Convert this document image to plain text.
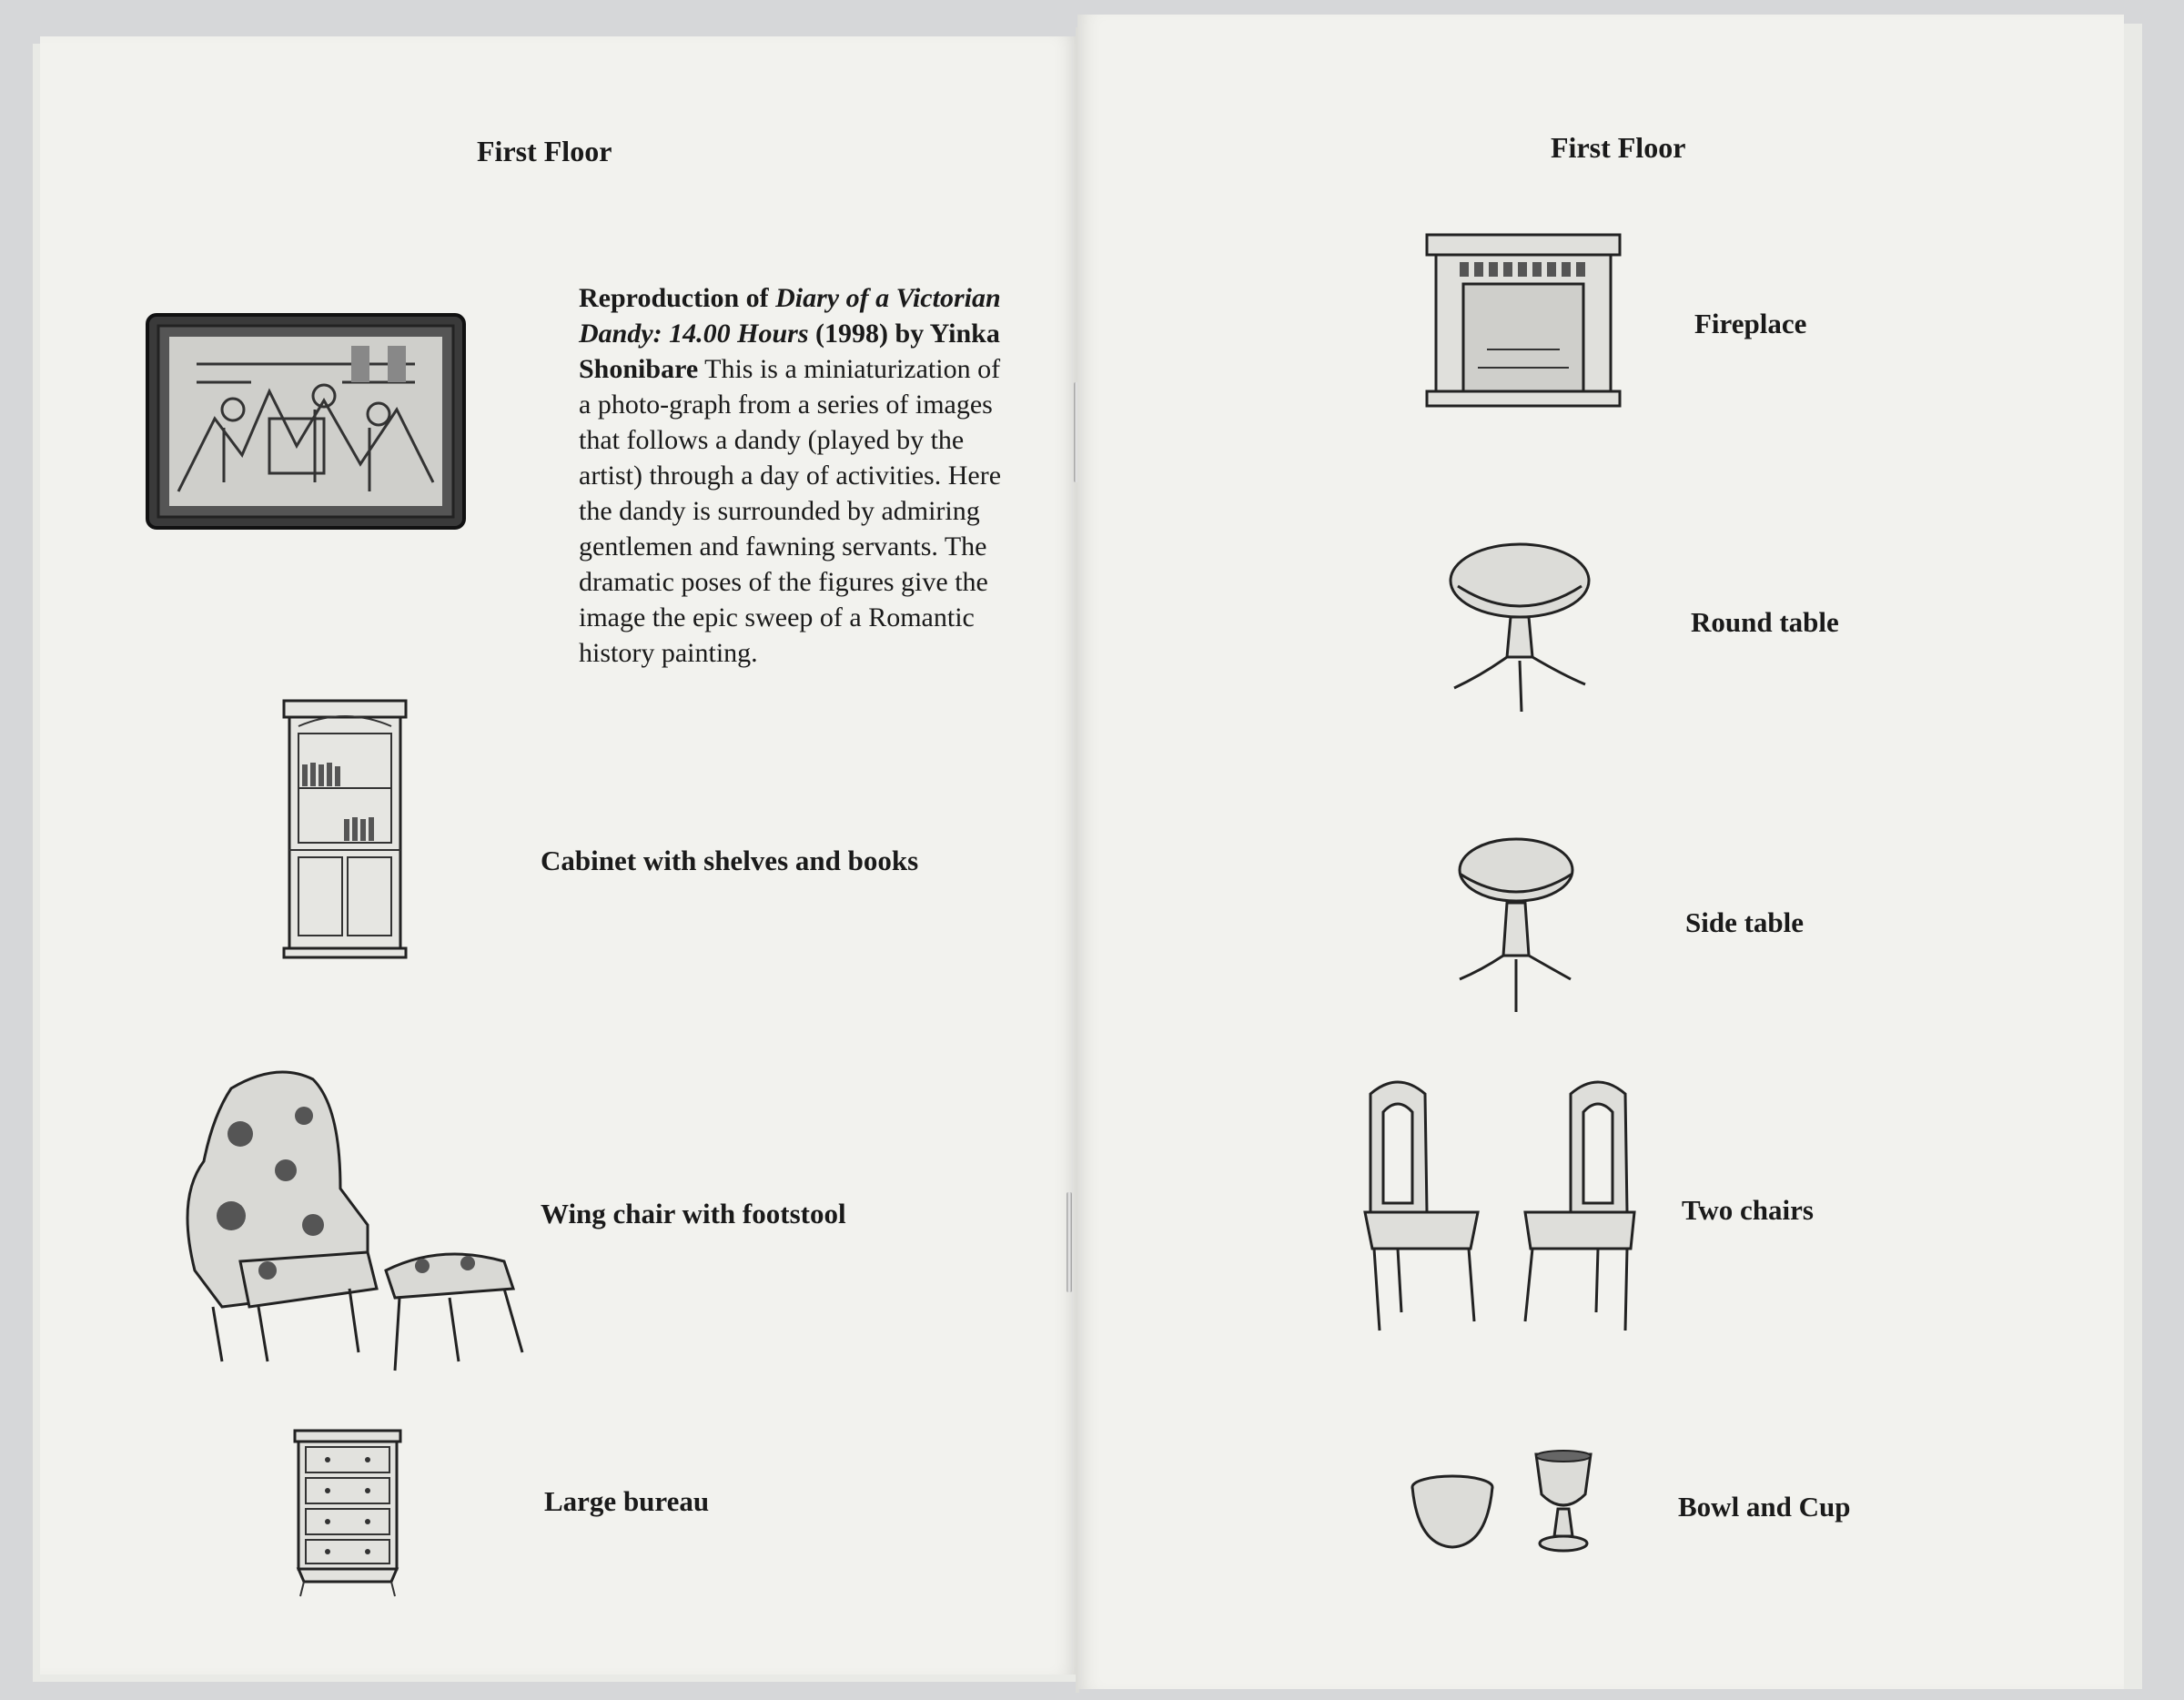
First Floor
Reproduction of Diary of a Victorian Dandy: 14.00 Hours (1998) by Yinka Shonibare This is a miniaturization of a photo-graph from a series of images that follows a dandy (played by the artist) through a day of activities. Here the dandy is surrounded by admiring gentlemen and fawning servants. The dramatic poses of the figures give the image the epic sweep of a Romantic history painting.
Cabinet with shelves and books
Wing chair with footstool
Large bureau
First Floor
Fireplace
Round table
Side table
Two chairs
Bowl and Cup
